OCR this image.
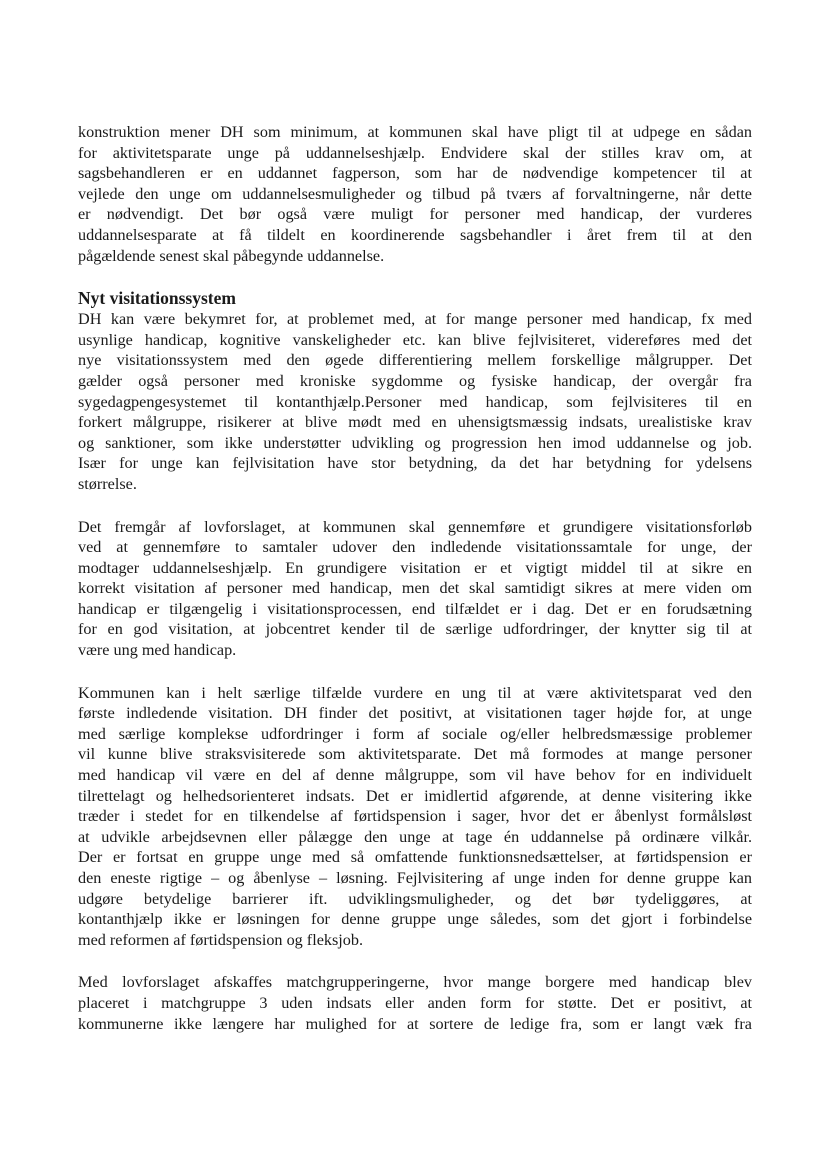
konstruktion mener DH som minimum, at kommunen skal have pligt til at udpege en sådan
for aktivitetsparate unge på uddannelseshjælp. Endvidere skal der stilles krav om, at
sagsbehandleren er en uddannet fagperson, som har de nødvendige kompetencer til at
vejlede den unge om uddannelsesmuligheder og tilbud på tværs af forvaltningerne, når dette
er nødvendigt. Det bør også være muligt for personer med handicap, der vurderes
uddannelsesparate at få tildelt en koordinerende sagsbehandler i året frem til at den
pågældende senest skal påbegynde uddannelse.
Nyt visitationssystem
DH kan være bekymret for, at problemet med, at for mange personer med handicap, fx med
usynlige handicap, kognitive vanskeligheder etc. kan blive fejlvisiteret, videreføres med det
nye visitationssystem med den øgede differentiering mellem forskellige målgrupper. Det
gælder også personer med kroniske sygdomme og fysiske handicap, der overgår fra
sygedagpengesystemet til kontanthjælp.Personer med handicap, som fejlvisiteres til en
forkert målgruppe, risikerer at blive mødt med en uhensigtsmæssig indsats, urealistiske krav
og sanktioner, som ikke understøtter udvikling og progression hen imod uddannelse og job.
Især for unge kan fejlvisitation have stor betydning, da det har betydning for ydelsens
størrelse.
Det fremgår af lovforslaget, at kommunen skal gennemføre et grundigere visitationsforløb
ved at gennemføre to samtaler udover den indledende visitationssamtale for unge, der
modtager uddannelseshjælp. En grundigere visitation er et vigtigt middel til at sikre en
korrekt visitation af personer med handicap, men det skal samtidigt sikres at mere viden om
handicap er tilgængelig i visitationsprocessen, end tilfældet er i dag. Det er en forudsætning
for en god visitation, at jobcentret kender til de særlige udfordringer, der knytter sig til at
være ung med handicap.
Kommunen kan i helt særlige tilfælde vurdere en ung til at være aktivitetsparat ved den
første indledende visitation. DH finder det positivt, at visitationen tager højde for, at unge
med særlige komplekse udfordringer i form af sociale og/eller helbredsmæssige problemer
vil kunne blive straksvisiterede som aktivitetsparate. Det må formodes at mange personer
med handicap vil være en del af denne målgruppe, som vil have behov for en individuelt
tilrettelagt og helhedsorienteret indsats. Det er imidlertid afgørende, at denne visitering ikke
træder i stedet for en tilkendelse af førtidspension i sager, hvor det er åbenlyst formålsløst
at udvikle arbejdsevnen eller pålægge den unge at tage én uddannelse på ordinære vilkår.
Der er fortsat en gruppe unge med så omfattende funktionsnedsættelser, at førtidspension er
den eneste rigtige – og åbenlyse – løsning. Fejlvisitering af unge inden for denne gruppe kan
udgøre betydelige barrierer ift. udviklingsmuligheder, og det bør tydeliggøres, at
kontanthjælp ikke er løsningen for denne gruppe unge således, som det gjort i forbindelse
med reformen af førtidspension og fleksjob.
Med lovforslaget afskaffes matchgrupperingerne, hvor mange borgere med handicap blev
placeret i matchgruppe 3 uden indsats eller anden form for støtte. Det er positivt, at
kommunerne ikke længere har mulighed for at sortere de ledige fra, som er langt væk fra
